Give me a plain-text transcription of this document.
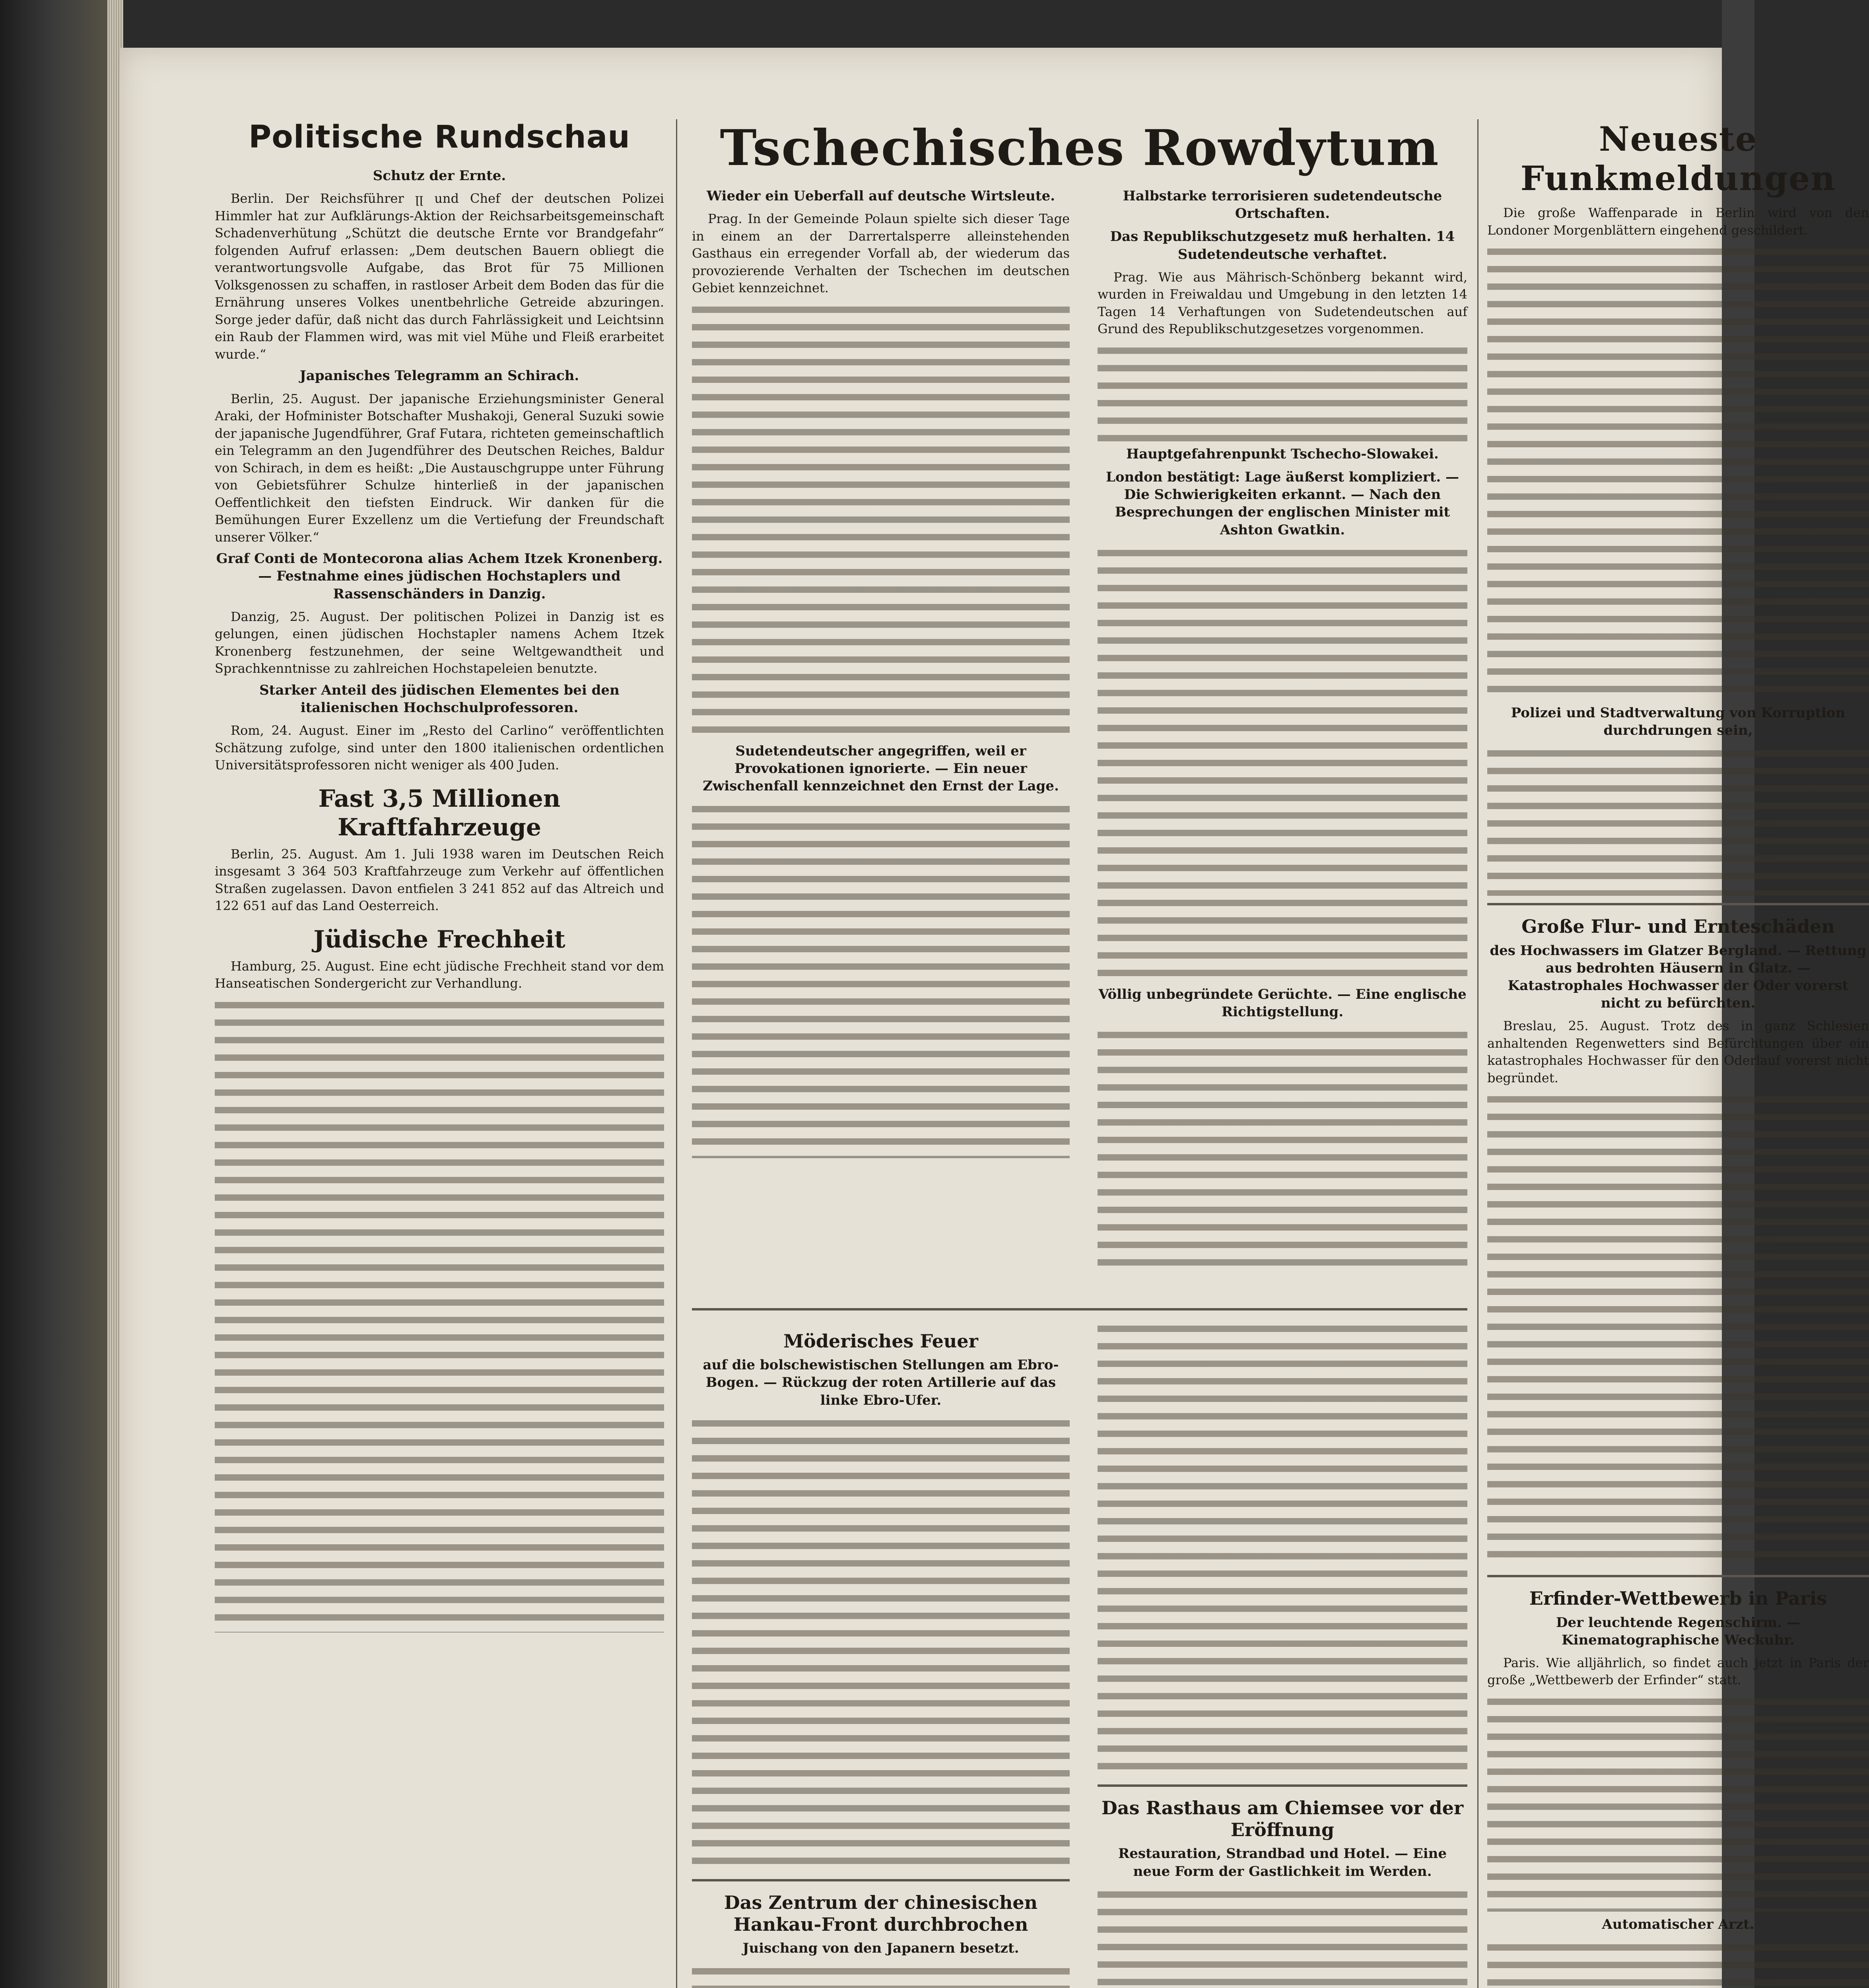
Politische Rundschau
Schutz der Ernte.

Berlin. Der Reichsführer ꞁꞁ und Chef der deutschen Polizei Himmler hat zur Aufklärungs-Aktion der Reichsarbeitsgemeinschaft Schadenverhütung „Schützt die deutsche Ernte vor Brandgefahr“ folgenden Aufruf erlassen: „Dem deutschen Bauern obliegt die verantwortungsvolle Aufgabe, das Brot für 75 Millionen Volksgenossen zu schaffen, in rastloser Arbeit dem Boden das für die Ernährung unseres Volkes unentbehrliche Getreide abzuringen. Sorge jeder dafür, daß nicht das durch Fahrlässigkeit und Leichtsinn ein Raub der Flammen wird, was mit viel Mühe und Fleiß erarbeitet wurde.“

Japanisches Telegramm an Schirach.

Berlin, 25. August. Der japanische Erziehungsminister General Araki, der Hofminister Botschafter Mushakoji, General Suzuki sowie der japanische Jugendführer, Graf Futara, richteten gemeinschaftlich ein Telegramm an den Jugendführer des Deutschen Reiches, Baldur von Schirach, in dem es heißt: „Die Austauschgruppe unter Führung von Gebietsführer Schulze hinterließ in der japanischen Oeffentlichkeit den tiefsten Eindruck. Wir danken für die Bemühungen Eurer Exzellenz um die Vertiefung der Freundschaft unserer Völker.“

Graf Conti de Montecorona alias Achem Itzek Kronenberg. — Festnahme eines jüdischen Hochstaplers und Rassenschänders in Danzig.

Danzig, 25. August. Der politischen Polizei in Danzig ist es gelungen, einen jüdischen Hochstapler namens Achem Itzek Kronenberg festzunehmen, der seine Weltgewandtheit und Sprachkenntnisse zu zahlreichen Hochstapeleien benutzte.

Starker Anteil des jüdischen Elementes bei den italienischen Hochschulprofessoren.

Rom, 24. August. Einer im „Resto del Carlino“ veröffentlichten Schätzung zufolge, sind unter den 1800 italienischen ordentlichen Universitätsprofessoren nicht weniger als 400 Juden.

Fast 3,5 Millionen Kraftfahrzeuge

Berlin, 25. August. Am 1. Juli 1938 waren im Deutschen Reich insgesamt 3 364 503 Kraftfahrzeuge zum Verkehr auf öffentlichen Straßen zugelassen. Davon entfielen 3 241 852 auf das Altreich und 122 651 auf das Land Oesterreich.

Jüdische Frechheit

Hamburg, 25. August. Eine echt jüdische Frechheit stand vor dem Hanseatischen Sondergericht zur Verhandlung.

Tschechisches Rowdytum
Wieder ein Ueberfall auf deutsche Wirtsleute.

Prag. In der Gemeinde Polaun spielte sich dieser Tage in einem an der Darrertalsperre alleinstehenden Gasthaus ein erregender Vorfall ab, der wiederum das provozierende Verhalten der Tschechen im deutschen Gebiet kennzeichnet.

Sudetendeutscher angegriffen, weil er Provokationen ignorierte. — Ein neuer Zwischenfall kennzeichnet den Ernst der Lage.
Halbstarke terrorisieren sudetendeutsche Ortschaften.
Das Republikschutzgesetz muß herhalten. 14 Sudetendeutsche verhaftet.

Prag. Wie aus Mährisch-Schönberg bekannt wird, wurden in Freiwaldau und Umgebung in den letzten 14 Tagen 14 Verhaftungen von Sudetendeutschen auf Grund des Republikschutzgesetzes vorgenommen.

Hauptgefahrenpunkt Tschecho-Slowakei.
London bestätigt: Lage äußerst kompliziert. — Die Schwierigkeiten erkannt. — Nach den Besprechungen der englischen Minister mit Ashton Gwatkin.
Völlig unbegründete Gerüchte. — Eine englische Richtigstellung.
Möderisches Feuer
auf die bolschewistischen Stellungen am Ebro-Bogen. — Rückzug der roten Artillerie auf das linke Ebro-Ufer.
Das Zentrum der chinesischen Hankau-Front durchbrochen
Juischang von den Japanern besetzt.
Das Rasthaus am Chiemsee vor der Eröffnung
Restauration, Strandbad und Hotel. — Eine neue Form der Gastlichkeit im Werden.
Neueste Funkmeldungen

Die große Waffenparade in Berlin wird von den Londoner Morgenblättern eingehend geschildert.

Polizei und Stadtverwaltung von Korruption durchdrungen sein,
Große Flur- und Ernteschäden
des Hochwassers im Glatzer Bergland. — Rettung aus bedrohten Häusern in Glatz. — Katastrophales Hochwasser der Oder vorerst nicht zu befürchten.

Breslau, 25. August. Trotz des in ganz Schlesien anhaltenden Regenwetters sind Befürchtungen über ein katastrophales Hochwasser für den Oderlauf vorerst nicht begründet.

Erfinder-Wettbewerb in Paris
Der leuchtende Regenschirm. — Kinematographische Weckuhr.

Paris. Wie alljährlich, so findet auch jetzt in Paris der große „Wettbewerb der Erfinder“ statt.

Automatischer Arzt.
